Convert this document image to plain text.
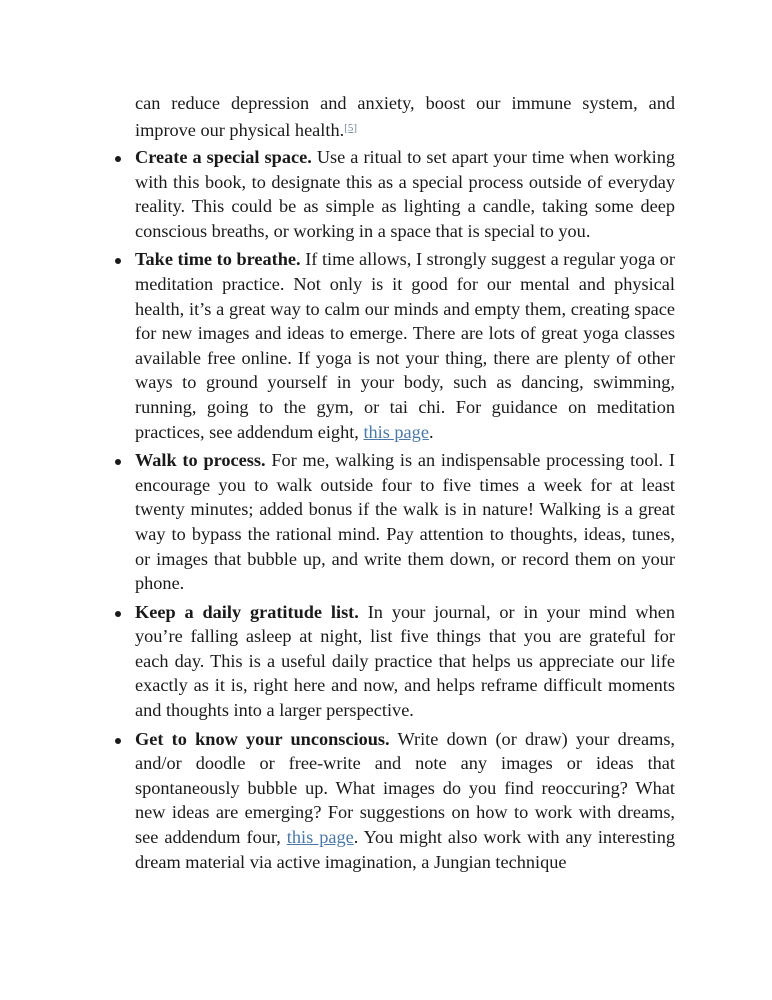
can reduce depression and anxiety, boost our immune system, and improve our physical health.[5]

Create a special space. Use a ritual to set apart your time when working with this book, to designate this as a special process outside of everyday reality. This could be as simple as lighting a candle, taking some deep conscious breaths, or working in a space that is special to you.
Take time to breathe. If time allows, I strongly suggest a regular yoga or meditation practice. Not only is it good for our mental and physical health, it’s a great way to calm our minds and empty them, creating space for new images and ideas to emerge. There are lots of great yoga classes available free online. If yoga is not your thing, there are plenty of other ways to ground yourself in your body, such as dancing, swimming, running, going to the gym, or tai chi. For guidance on meditation practices, see addendum eight, this page.
Walk to process. For me, walking is an indispensable processing tool. I encourage you to walk outside four to five times a week for at least twenty minutes; added bonus if the walk is in nature! Walking is a great way to bypass the rational mind. Pay attention to thoughts, ideas, tunes, or images that bubble up, and write them down, or record them on your phone.
Keep a daily gratitude list. In your journal, or in your mind when you’re falling asleep at night, list five things that you are grateful for each day. This is a useful daily practice that helps us appreciate our life exactly as it is, right here and now, and helps reframe difficult moments and thoughts into a larger perspective.
Get to know your unconscious. Write down (or draw) your dreams, and/or doodle or free-write and note any images or ideas that spontaneously bubble up. What images do you find reoccuring? What new ideas are emerging? For suggestions on how to work with dreams, see addendum four, this page. You might also work with any interesting dream material via active imagination, a Jungian technique
